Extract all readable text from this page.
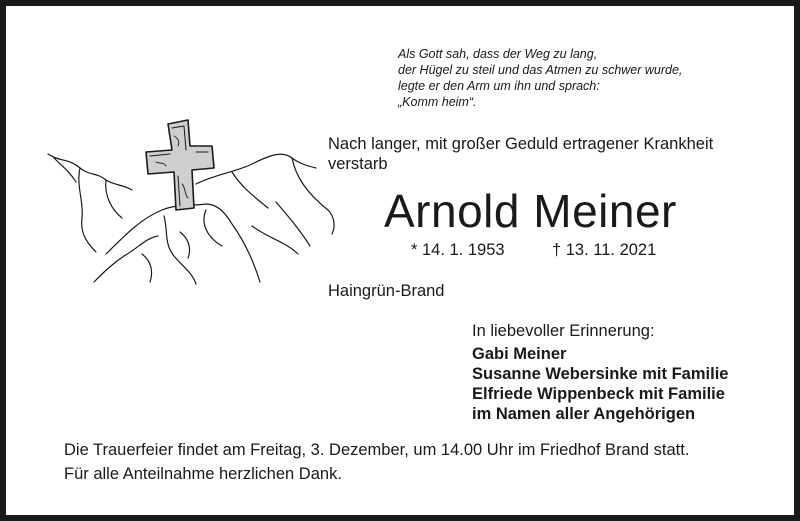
Als Gott sah, dass der Weg zu lang,
der Hügel zu steil und das Atmen zu schwer wurde,
legte er den Arm um ihn und sprach:
„Komm heim“.
Nach langer, mit großer Geduld ertragener Krankheit
verstarb
Arnold Meiner
* 14. 1. 1953	† 13. 11. 2021
Haingrün-Brand
In liebevoller Erinnerung:
Gabi Meiner
Susanne Webersinke mit Familie
Elfriede Wippenbeck mit Familie
im Namen aller Angehörigen
Die Trauerfeier findet am Freitag, 3. Dezember, um 14.00 Uhr im Friedhof Brand statt.
Für alle Anteilnahme herzlichen Dank.
